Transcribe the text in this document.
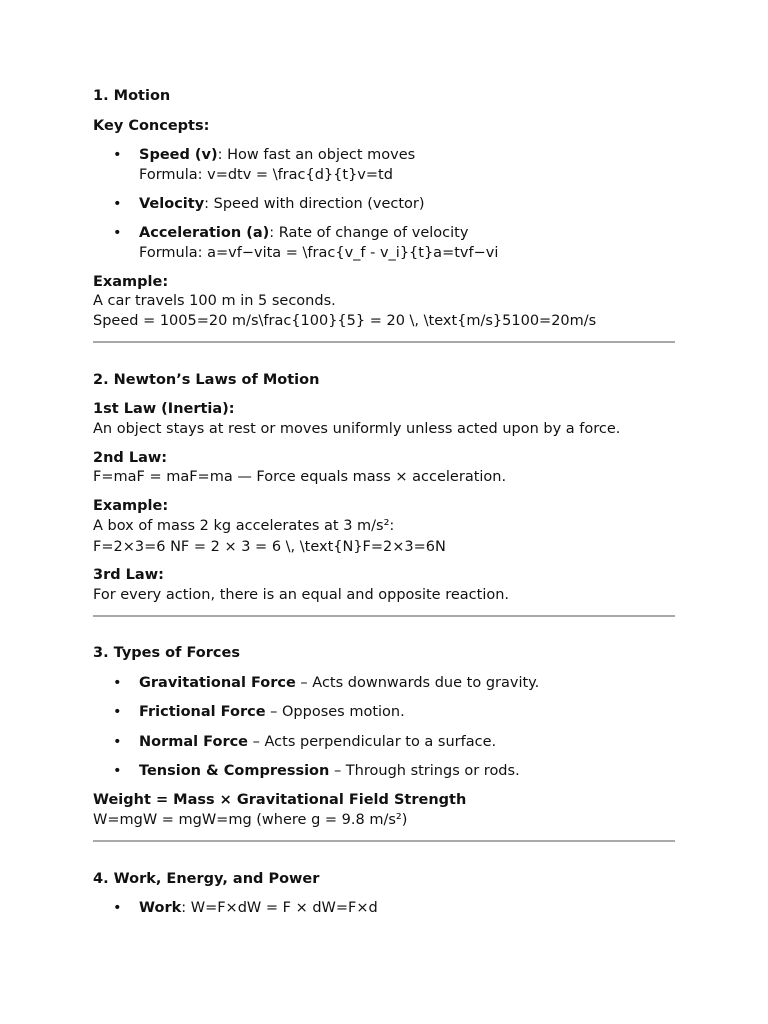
1. Motion
Key Concepts:
• Speed (v): How fast an object moves
Formula: v=dtv = \frac{d}{t}v=td
• Velocity: Speed with direction (vector)
• Acceleration (a): Rate of change of velocity
Formula: a=vf−vita = \frac{v_f - v_i}{t}a=tvf−vi
Example:
A car travels 100 m in 5 seconds.
Speed = 1005=20 m/s\frac{100}{5} = 20 \, \text{m/s}5100=20m/s
2. Newton’s Laws of Motion
1st Law (Inertia):
An object stays at rest or moves uniformly unless acted upon by a force.
2nd Law:
F=maF = maF=ma — Force equals mass × acceleration.
Example:
A box of mass 2 kg accelerates at 3 m/s²:
F=2×3=6 NF = 2 × 3 = 6 \, \text{N}F=2×3=6N
3rd Law:
For every action, there is an equal and opposite reaction.
3. Types of Forces
• Gravitational Force – Acts downwards due to gravity.
• Frictional Force – Opposes motion.
• Normal Force – Acts perpendicular to a surface.
• Tension & Compression – Through strings or rods.
Weight = Mass × Gravitational Field Strength
W=mgW = mgW=mg (where g = 9.8 m/s²)
4. Work, Energy, and Power
• Work: W=F×dW = F × dW=F×d
